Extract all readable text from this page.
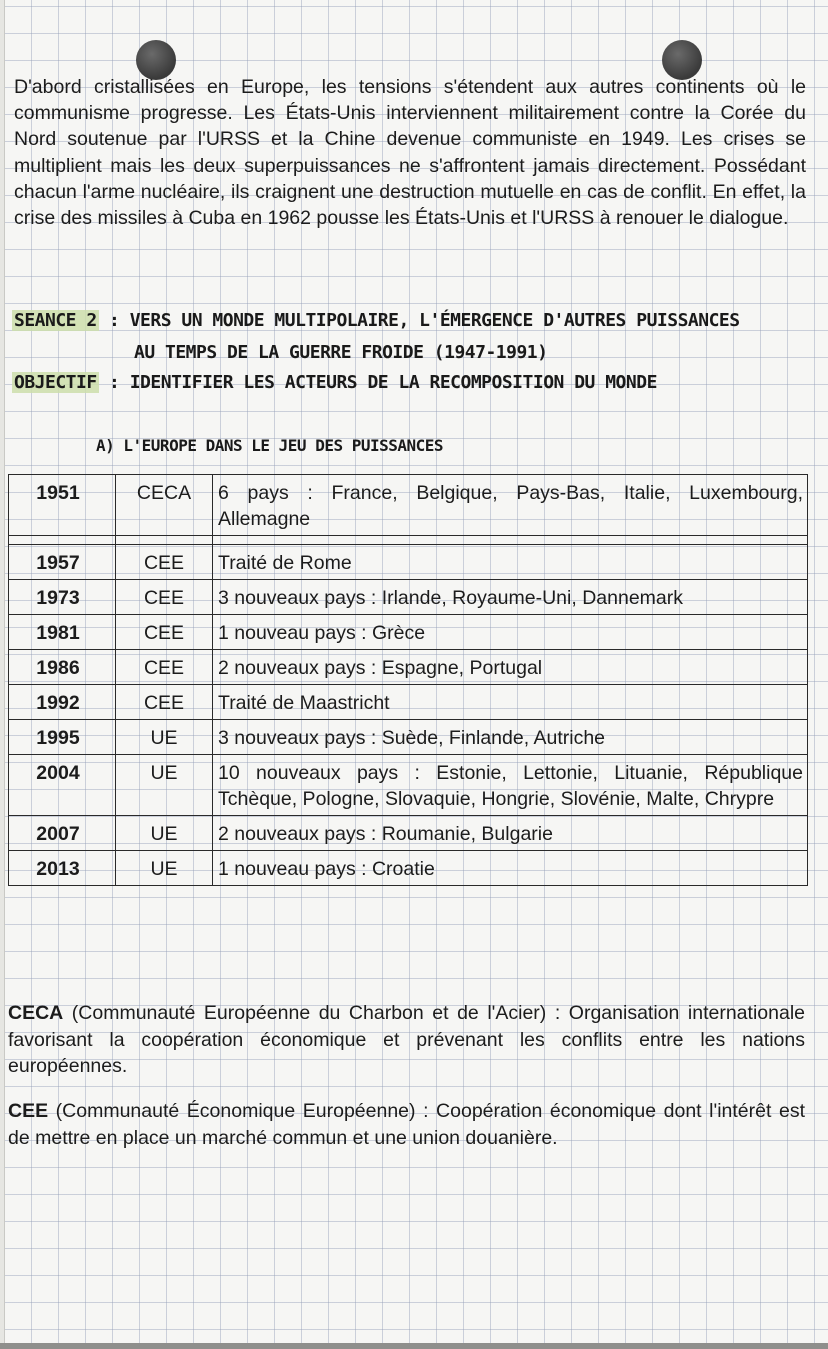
D'abord cristallisées en Europe, les tensions s'étendent aux autres continents où le communisme progresse. Les États-Unis interviennent militairement contre la Corée du Nord soutenue par l'URSS et la Chine devenue communiste en 1949. Les crises se multiplient mais les deux superpuissances ne s'affrontent jamais directement. Possédant chacun l'arme nucléaire, ils craignent une destruction mutuelle en cas de conflit. En effet, la crise des missiles à Cuba en 1962 pousse les États-Unis et l'URSS à renouer le dialogue.

SEANCE 2 : VERS UN MONDE MULTIPOLAIRE, L'ÉMERGENCE D'AUTRES PUISSANCES
AU TEMPS DE LA GUERRE FROIDE (1947-1991)
OBJECTIF : IDENTIFIER LES ACTEURS DE LA RECOMPOSITION DU MONDE
A) L'EUROPE DANS LE JEU DES PUISSANCES
1951	CECA	6 pays : France, Belgique, Pays-Bas, Italie, Luxembourg, Allemagne

1957	CEE	Traité de Rome
1973	CEE	3 nouveaux pays : Irlande, Royaume-Uni, Dannemark
1981	CEE	1 nouveau pays : Grèce
1986	CEE	2 nouveaux pays : Espagne, Portugal
1992	CEE	Traité de Maastricht
1995	UE	3 nouveaux pays : Suède, Finlande, Autriche
2004	UE	10 nouveaux pays : Estonie, Lettonie, Lituanie, République Tchèque, Pologne, Slovaquie, Hongrie, Slovénie, Malte, Chrypre
2007	UE	2 nouveaux pays : Roumanie, Bulgarie
2013	UE	1 nouveau pays : Croatie

CECA (Communauté Européenne du Charbon et de l'Acier) : Organisation internationale favorisant la coopération économique et prévenant les conflits entre les nations européennes.

CEE (Communauté Économique Européenne) : Coopération économique dont l'intérêt est de mettre en place un marché commun et une union douanière.
